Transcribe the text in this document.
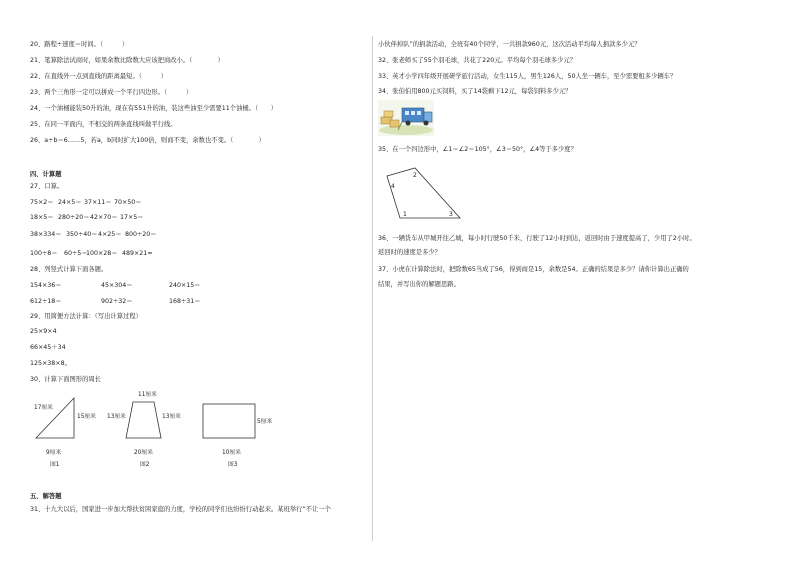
20、路程÷速度＝时间。（　　　）
21、笔算除法试商时，如果余数比除数大应该把商改小。（　　　　）
22、在直线外一点到直线的距离最短。（　　　）
23、两个三角形一定可以拼成一个平行四边形。（　　　）
24、一个油桶能装50升的油，现在有551升的油，装这些油至少需要11个油桶。（　　）
25、在同一平面内，不相交的两条直线叫做平行线。
26、a÷b＝6……5，若a，b同时扩大100倍，则商不变，余数也不变。（　　　　）
四、计算题
27、口算。
75×2＝ 24×5＝ 37×11＝ 70×50＝
18×5＝ 280÷20＝42×70＝ 17×5＝
38×334＝ 350÷40＝4×25＝ 800÷20＝
100÷8＝ 60÷5＝100×28＝ 489×21≈
28、列竖式计算下面各题。
154×36＝	45×304＝	240×15＝
612÷18＝	902÷32＝	168÷31＝
29、用简便方法计算：（写出计算过程）
25×9×4
66×45＋34
125×38×8。
30、计算下面图形的周长
17厘米
15厘米
9厘米
图1
11厘米
13厘米	13厘米
20厘米
图2
5厘米
10厘米
图3
五、解答题
31、十九大以后，国家进一步加大帮扶贫困家庭的力度，学校的同学们也纷纷行动起来。某班举行“不让一个
小伙伴掉队”的捐款活动，全班有40个同学，一共捐款960元，这次活动平均每人捐款多少元？
32、张老师买了55个羽毛球，共花了220元。平均每个羽毛球多少元？
33、英才小学四年级开展研学旅行活动，女生115人，男生126人，50人坐一辆车，至少需要租多少辆车？
34、张伯伯用800元买饲料，买了14袋剩下12元，每袋饲料多少元？
35、在一个四边形中，∠1＝∠2＝105°，∠3＝50°，∠4等于多少度？
4
2
1	3
36、一辆货车从甲城开往乙城，每小时行驶50千米，行驶了12小时到达，返回时由于速度提高了，少用了2小时。
返回时的速度是多少？
37、小虎在计算除法时，把除数65当成了56，得到商是15，余数是54。正确的结果是多少？请你计算出正确的
结果，并写出你的解题思路。
